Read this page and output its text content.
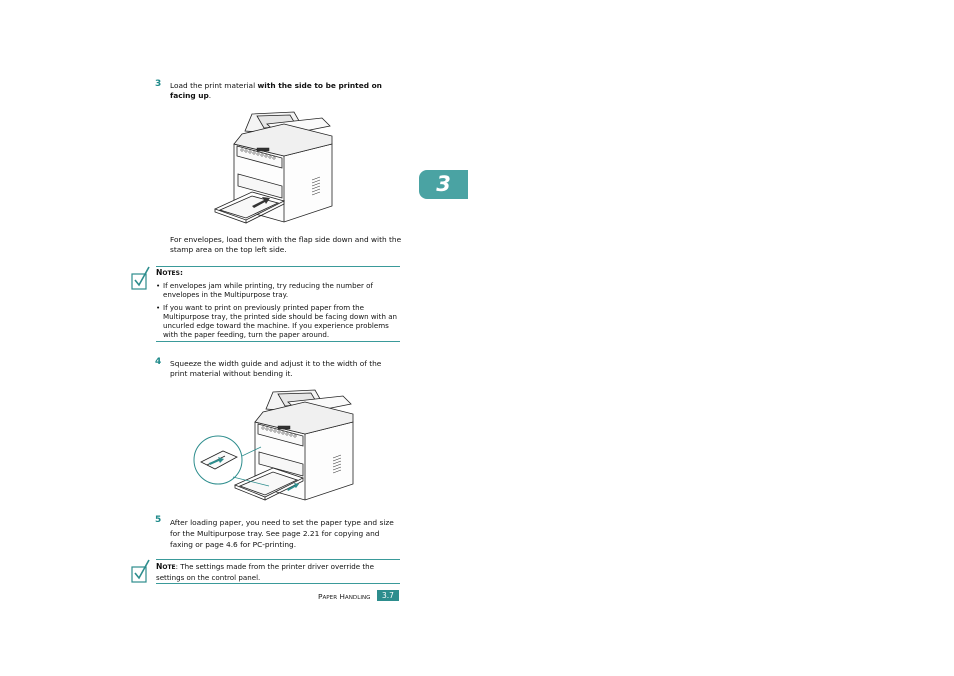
3 Load the print material with the side to be printed on facing up.
For envelopes, load them with the flap side down and with the stamp area on the top left side.
NOTES:
• If envelopes jam while printing, try reducing the number of envelopes in the Multipurpose tray.
• If you want to print on previously printed paper from the Multipurpose tray, the printed side should be facing down with an uncurled edge toward the machine. If you experience problems with the paper feeding, turn the paper around.
4 Squeeze the width guide and adjust it to the width of the print material without bending it.
5 After loading paper, you need to set the paper type and size for the Multipurpose tray. See page 2.21 for copying and faxing or page 4.6 for PC-printing.
NOTE: The settings made from the printer driver override the settings on the control panel.
3
PAPER HANDLING	3.7
